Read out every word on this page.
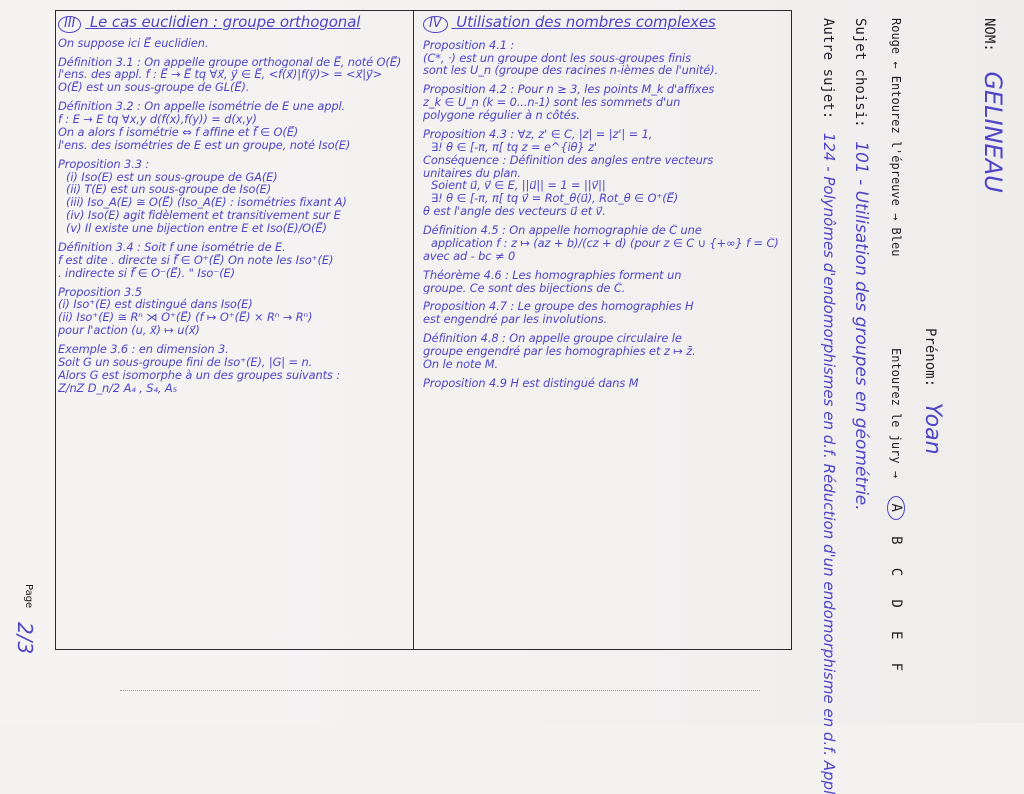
III Le cas euclidien : groupe orthogonal
On suppose ici E⃗ euclidien.
Définition 3.1 : On appelle groupe orthogonal de E⃗, noté O(E⃗)
l'ens. des appl. f : E⃗ → E⃗ tq ∀x⃗, y⃗ ∈ E⃗, <f(x⃗)|f(y⃗)> = <x⃗|y⃗>
O(E⃗) est un sous-groupe de GL(E⃗).
Définition 3.2 : On appelle isométrie de E une appl.
f : E → E tq ∀x,y d(f(x),f(y)) = d(x,y)
On a alors f isométrie ⇔ f affine et f⃗ ∈ O(E⃗)
l'ens. des isométries de E est un groupe, noté Iso(E)
Proposition 3.3 :
(i) Iso(E) est un sous-groupe de GA(E)
(ii) T(E) est un sous-groupe de Iso(E)
(iii) Iso_A(E) ≅ O(E⃗) (Iso_A(E) : isométries fixant A)
(iv) Iso(E) agit fidèlement et transitivement sur E
(v) Il existe une bijection entre E et Iso(E)/O(E⃗)
Définition 3.4 : Soit f une isométrie de E.
f est dite . directe si f⃗ ∈ O⁺(E⃗) On note les Iso⁺(E)
. indirecte si f⃗ ∈ O⁻(E⃗). " Iso⁻(E)
Proposition 3.5
(i) Iso⁺(E) est distingué dans Iso(E)
(ii) Iso⁺(E) ≅ Rⁿ ⋊ O⁺(E⃗) (f ↦ O⁺(E⃗) × Rⁿ → Rⁿ)
pour l'action (u, x⃗) ↦ u(x⃗)
Exemple 3.6 : en dimension 3.
Soit G un sous-groupe fini de Iso⁺(E), |G| = n.
Alors G est isomorphe à un des groupes suivants :
Z/nZ D_n/2 A₄ , S₄, A₅
IV Utilisation des nombres complexes
Proposition 4.1 :
(C*, ·) est un groupe dont les sous-groupes finis
sont les U_n (groupe des racines n-ièmes de l'unité).
Proposition 4.2 : Pour n ≥ 3, les points M_k d'affixes
z_k ∈ U_n (k = 0...n-1) sont les sommets d'un
polygone régulier à n côtés.
Proposition 4.3 : ∀z, z' ∈ C, |z| = |z'| = 1,
∃! θ ∈ [-π, π[ tq z = e^{iθ} z'
Conséquence : Définition des angles entre vecteurs
unitaires du plan.
Soient u⃗, v⃗ ∈ E, ||u⃗|| = 1 = ||v⃗||
∃! θ ∈ [-π, π[ tq v⃗ = Rot_θ(u⃗), Rot_θ ∈ O⁺(E⃗)
θ est l'angle des vecteurs u⃗ et v⃗.
Définition 4.5 : On appelle homographie de Ĉ une
application f : z ↦ (az + b)/(cz + d) (pour z ∈ C ∪ {+∞} f = Ĉ)
avec ad - bc ≠ 0
Théorème 4.6 : Les homographies forment un
groupe. Ce sont des bijections de Ĉ.
Proposition 4.7 : Le groupe des homographies H
est engendré par les involutions.
Définition 4.8 : On appelle groupe circulaire le
groupe engendré par les homographies et z ↦ z̄.
On le note M.
Proposition 4.9 H est distingué dans M
NOM: GELINEAU
Prénom: Yoan
Rouge ← Entourez l'épreuve → Bleu
Entourez le jury → A B C D E F
Sujet choisi: 101 - Utilisation des groupes en géométrie.
Autre sujet: 124 - Polynômes d'endomorphismes en d.f. Réduction d'un endomorphisme en d.f. Appl
Page
2/3
